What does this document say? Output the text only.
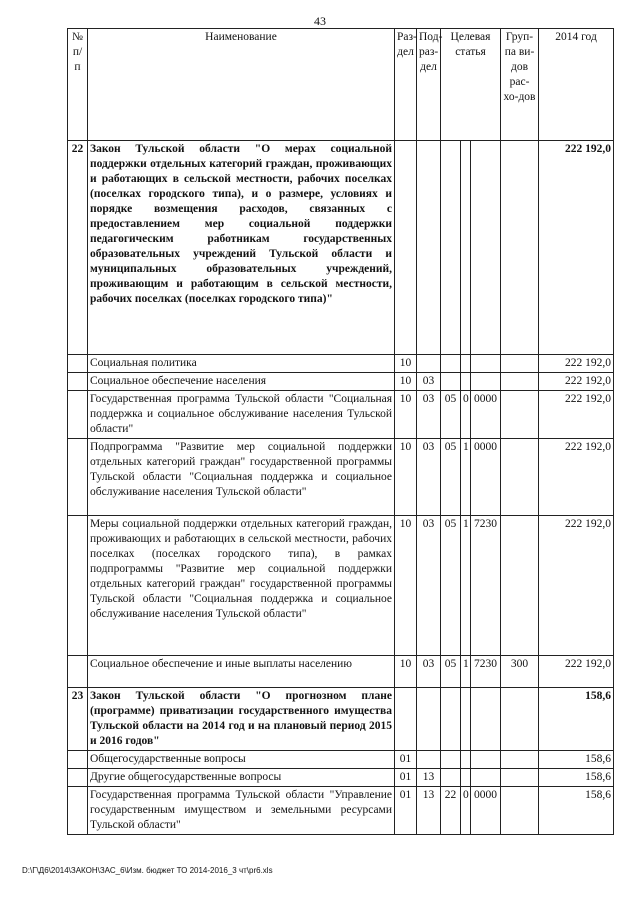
43
№ п/п	Наименование	Раз-дел	Под-раз-дел	Целевая статья			Груп-па ви-дов рас-хо-дов	2014 год
22	Закон Тульской области "О мерах социальной поддержки отдельных категорий граждан, проживающих и работающих в сельской местности, рабочих поселках (поселках городского типа), и о размере, условиях и порядке возмещения расходов, связанных с предоставлением мер социальной поддержки педагогическим работникам государственных образовательных учреждений Тульской области и муниципальных образовательных учреждений, проживающим и работающим в сельской местности, рабочих поселках (поселках городского типа)"							222 192,0
	Социальная политика	10						222 192,0
	Социальное обеспечение населения	10	03					222 192,0
	Государственная программа Тульской области "Социальная поддержка и социальное обслуживание населения Тульской области"	10	03	05	0	0000		222 192,0
	Подпрограмма "Развитие мер социальной поддержки отдельных категорий граждан" государственной программы Тульской области "Социальная поддержка и социальное обслуживание населения Тульской области"	10	03	05	1	0000		222 192,0
	Меры социальной поддержки отдельных категорий граждан, проживающих и работающих в сельской местности, рабочих поселках (поселках городского типа), в рамках подпрограммы "Развитие мер социальной поддержки отдельных категорий граждан" государственной программы Тульской области "Социальная поддержка и социальное обслуживание населения Тульской области"	10	03	05	1	7230		222 192,0
	Социальное обеспечение и иные выплаты населению	10	03	05	1	7230	300	222 192,0
23	Закон Тульской области "О прогнозном плане (программе) приватизации государственного имущества Тульской области на 2014 год и на плановый период 2015 и 2016 годов"							158,6
	Общегосударственные вопросы	01						158,6
	Другие общегосударственные вопросы	01	13					158,6
	Государственная программа Тульской области "Управление государственным имуществом и земельными ресурсами Тульской области"	01	13	22	0	0000		158,6
D:\Г\Д6\2014\ЗАКОН\ЗАС_6\Изм. бюджет ТО 2014-2016_3 чт\pr6.xls
